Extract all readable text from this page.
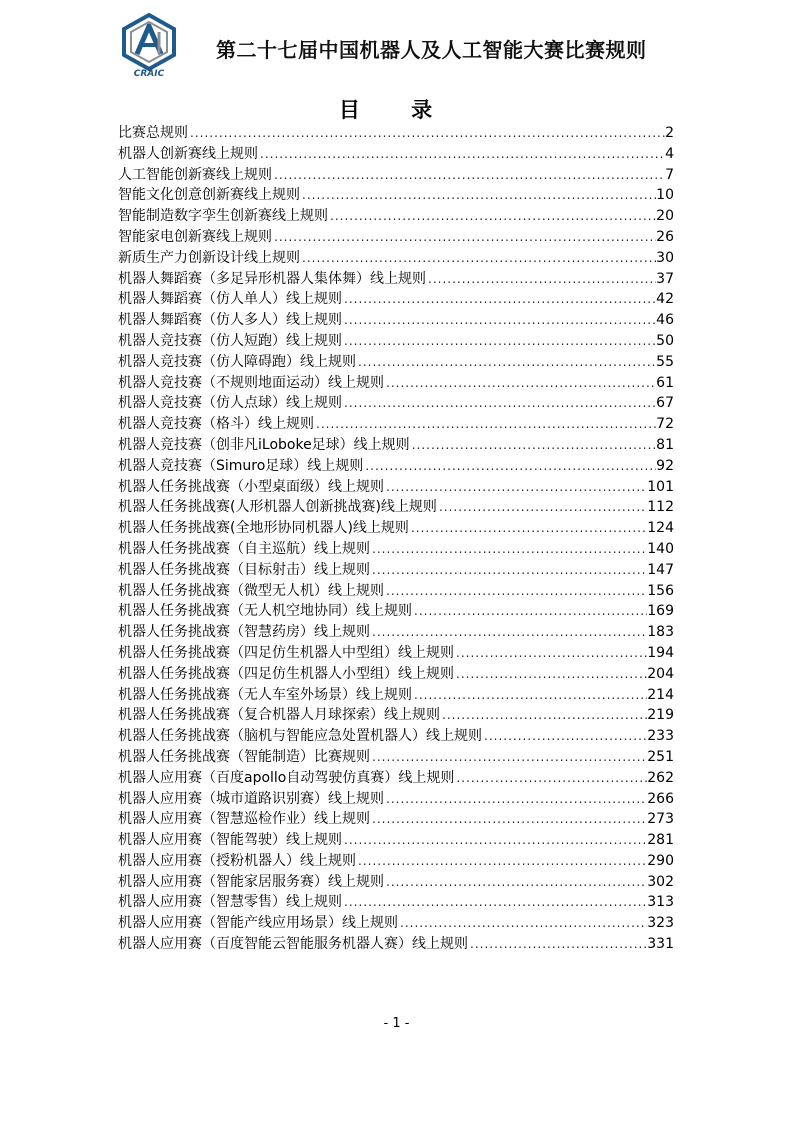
CRAIC
第二十七届中国机器人及人工智能大赛比赛规则
目 录
比赛总规则 .....	2
机器人创新赛线上规则 .....	4
人工智能创新赛线上规则 .....	7
智能文化创意创新赛线上规则 .....	10
智能制造数字孪生创新赛线上规则 .....	20
智能家电创新赛线上规则 .....	26
新质生产力创新设计线上规则 .....	30
机器人舞蹈赛（多足异形机器人集体舞）线上规则 .....	37
机器人舞蹈赛（仿人单人）线上规则 .....	42
机器人舞蹈赛（仿人多人）线上规则 .....	46
机器人竞技赛（仿人短跑）线上规则 .....	50
机器人竞技赛（仿人障碍跑）线上规则 .....	55
机器人竞技赛（不规则地面运动）线上规则 .....	61
机器人竞技赛（仿人点球）线上规则 .....	67
机器人竞技赛（格斗）线上规则 .....	72
机器人竞技赛（创非凡iLoboke足球）线上规则 .....	81
机器人竞技赛（Simuro足球）线上规则 .....	92
机器人任务挑战赛（小型桌面级）线上规则 .....	101
机器人任务挑战赛(人形机器人创新挑战赛)线上规则 .....	112
机器人任务挑战赛(全地形协同机器人)线上规则 .....	124
机器人任务挑战赛（自主巡航）线上规则 .....	140
机器人任务挑战赛（目标射击）线上规则 .....	147
机器人任务挑战赛（微型无人机）线上规则 .....	156
机器人任务挑战赛（无人机空地协同）线上规则 .....	169
机器人任务挑战赛（智慧药房）线上规则 .....	183
机器人任务挑战赛（四足仿生机器人中型组）线上规则 .....	194
机器人任务挑战赛（四足仿生机器人小型组）线上规则 .....	204
机器人任务挑战赛（无人车室外场景）线上规则 .....	214
机器人任务挑战赛（复合机器人月球探索）线上规则 .....	219
机器人任务挑战赛（脑机与智能应急处置机器人）线上规则 .....	233
机器人任务挑战赛（智能制造）比赛规则 .....	251
机器人应用赛（百度apollo自动驾驶仿真赛）线上规则 .....	262
机器人应用赛（城市道路识别赛）线上规则 .....	266
机器人应用赛（智慧巡检作业）线上规则 .....	273
机器人应用赛（智能驾驶）线上规则 .....	281
机器人应用赛（授粉机器人）线上规则 .....	290
机器人应用赛（智能家居服务赛）线上规则 .....	302
机器人应用赛（智慧零售）线上规则 .....	313
机器人应用赛（智能产线应用场景）线上规则 .....	323
机器人应用赛（百度智能云智能服务机器人赛）线上规则 .....	331
- 1 -
